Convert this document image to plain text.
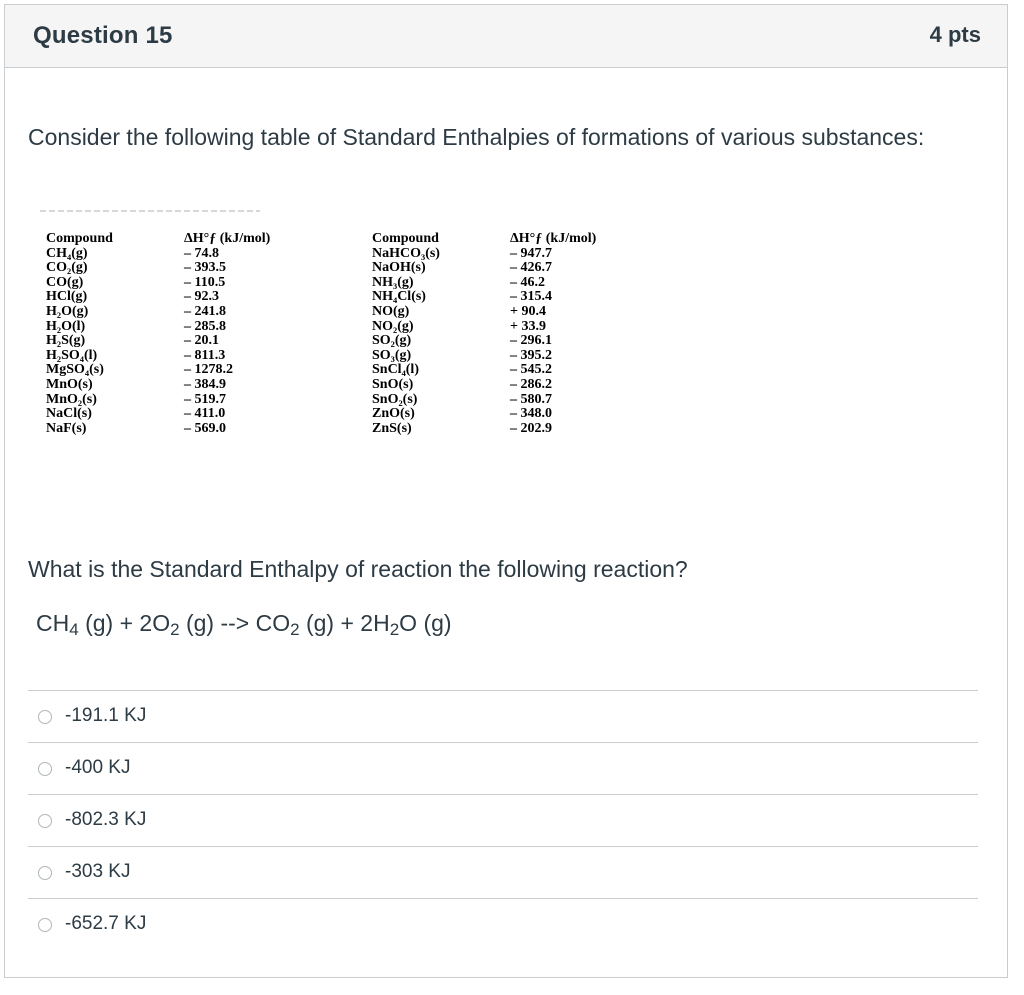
Question 15	4 pts
Consider the following table of Standard Enthalpies of formations of various substances:
Compound
CH₄(g)
CO₂(g)
CO(g)
HCl(g)
H₂O(g)
H₂O(l)
H₂S(g)
H₂SO₄(l)
MgSO₄(s)
MnO(s)
MnO₂(s)
NaCl(s)
NaF(s)
ΔH°ƒ (kJ/mol)
– 74.8
– 393.5
– 110.5
– 92.3
– 241.8
– 285.8
– 20.1
– 811.3
– 1278.2
– 384.9
– 519.7
– 411.0
– 569.0
Compound
NaHCO₃(s)
NaOH(s)
NH₃(g)
NH₄Cl(s)
NO(g)
NO₂(g)
SO₂(g)
SO₃(g)
SnCl₄(l)
SnO(s)
SnO₂(s)
ZnO(s)
ZnS(s)
ΔH°ƒ (kJ/mol)
– 947.7
– 426.7
– 46.2
– 315.4
+ 90.4
+ 33.9
– 296.1
– 395.2
– 545.2
– 286.2
– 580.7
– 348.0
– 202.9
What is the Standard Enthalpy of reaction the following reaction?
$CH_4$ $(g) + 2O_2$ (g) --> $CO_2$ $(g) + 2H_2O$ (g)
-191.1 KJ
-400 KJ
-802.3 KJ
-303 KJ
-652.7 KJ
